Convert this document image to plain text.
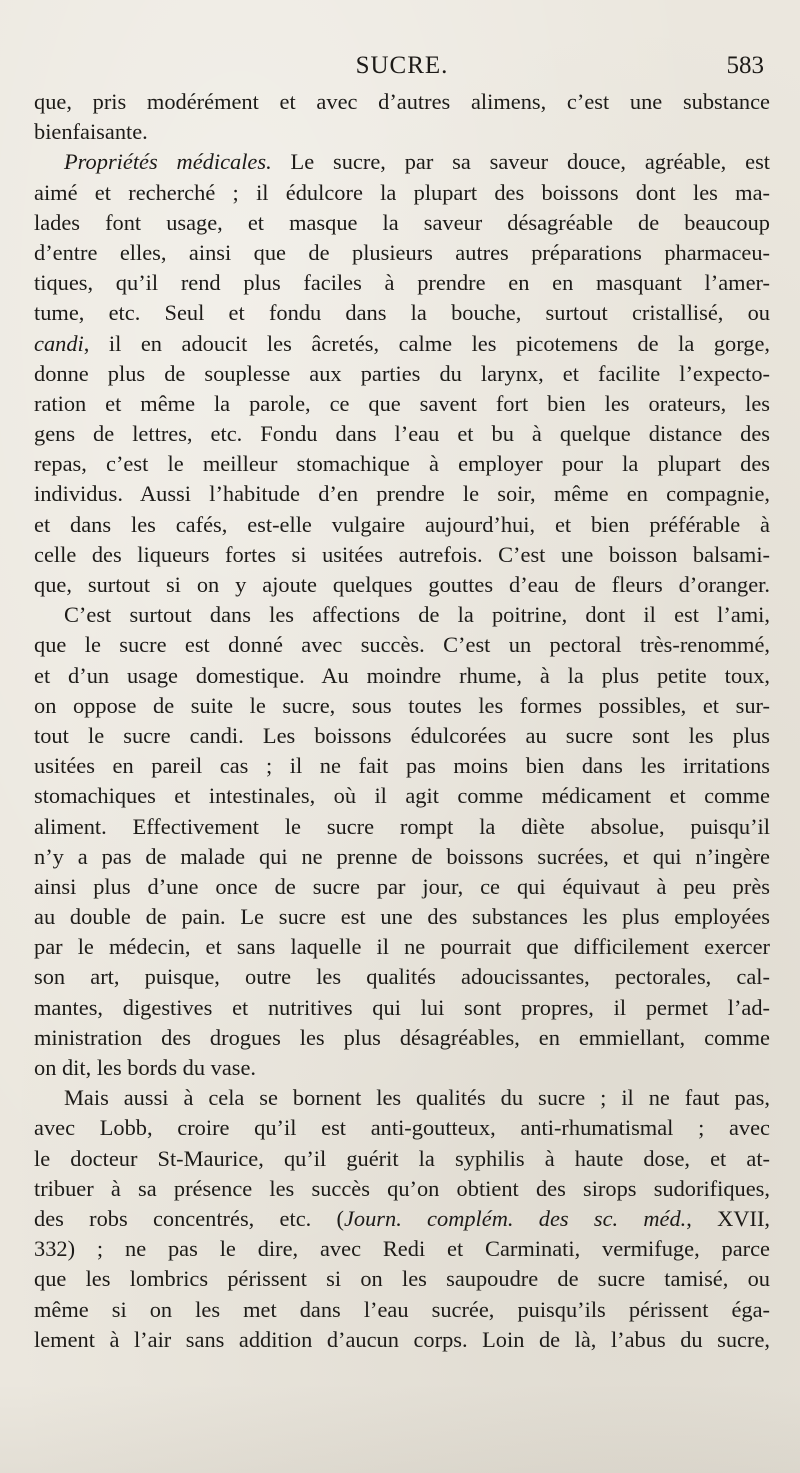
SUCRE.	583
que, pris modérément et avec d’autres alimens, c’est une substance
bienfaisante.
Propriétés médicales. Le sucre, par sa saveur douce, agréable, est
aimé et recherché ; il édulcore la plupart des boissons dont les ma-
lades font usage, et masque la saveur désagréable de beaucoup
d’entre elles, ainsi que de plusieurs autres préparations pharmaceu-
tiques, qu’il rend plus faciles à prendre en en masquant l’amer-
tume, etc. Seul et fondu dans la bouche, surtout cristallisé, ou
candi, il en adoucit les âcretés, calme les picotemens de la gorge,
donne plus de souplesse aux parties du larynx, et facilite l’expecto-
ration et même la parole, ce que savent fort bien les orateurs, les
gens de lettres, etc. Fondu dans l’eau et bu à quelque distance des
repas, c’est le meilleur stomachique à employer pour la plupart des
individus. Aussi l’habitude d’en prendre le soir, même en compagnie,
et dans les cafés, est-elle vulgaire aujourd’hui, et bien préférable à
celle des liqueurs fortes si usitées autrefois. C’est une boisson balsami-
que, surtout si on y ajoute quelques gouttes d’eau de fleurs d’oranger.
C’est surtout dans les affections de la poitrine, dont il est l’ami,
que le sucre est donné avec succès. C’est un pectoral très-renommé,
et d’un usage domestique. Au moindre rhume, à la plus petite toux,
on oppose de suite le sucre, sous toutes les formes possibles, et sur-
tout le sucre candi. Les boissons édulcorées au sucre sont les plus
usitées en pareil cas ; il ne fait pas moins bien dans les irritations
stomachiques et intestinales, où il agit comme médicament et comme
aliment. Effectivement le sucre rompt la diète absolue, puisqu’il
n’y a pas de malade qui ne prenne de boissons sucrées, et qui n’ingère
ainsi plus d’une once de sucre par jour, ce qui équivaut à peu près
au double de pain. Le sucre est une des substances les plus employées
par le médecin, et sans laquelle il ne pourrait que difficilement exercer
son art, puisque, outre les qualités adoucissantes, pectorales, cal-
mantes, digestives et nutritives qui lui sont propres, il permet l’ad-
ministration des drogues les plus désagréables, en emmiellant, comme
on dit, les bords du vase.
Mais aussi à cela se bornent les qualités du sucre ; il ne faut pas,
avec Lobb, croire qu’il est anti-goutteux, anti-rhumatismal ; avec
le docteur St-Maurice, qu’il guérit la syphilis à haute dose, et at-
tribuer à sa présence les succès qu’on obtient des sirops sudorifiques,
des robs concentrés, etc. (Journ. complém. des sc. méd., XVII,
332) ; ne pas le dire, avec Redi et Carminati, vermifuge, parce
que les lombrics périssent si on les saupoudre de sucre tamisé, ou
même si on les met dans l’eau sucrée, puisqu’ils périssent éga-
lement à l’air sans addition d’aucun corps. Loin de là, l’abus du sucre,
